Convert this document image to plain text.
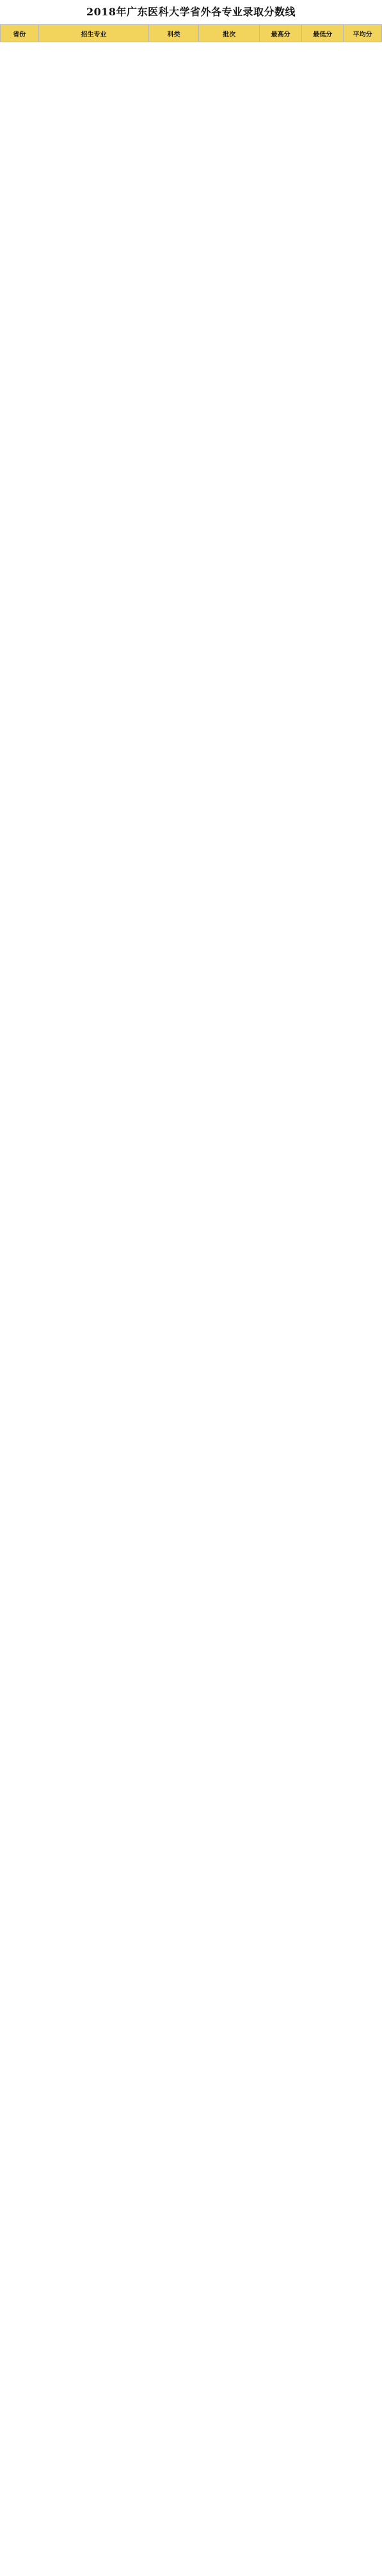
2018年广东医科大学省外各专业录取分数线
省份	招生专业	科类	批次	最高分	最低分	平均分
